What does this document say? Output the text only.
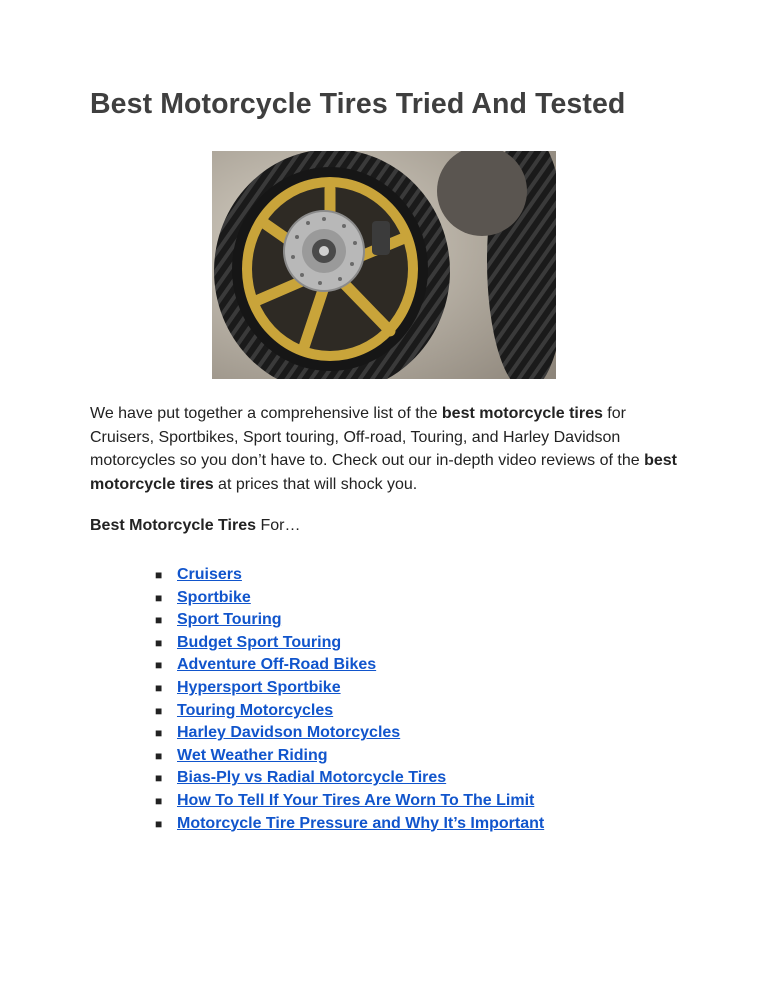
Best Motorcycle Tires Tried And Tested

We have put together a comprehensive list of the best motorcycle tires for Cruisers, Sportbikes, Sport touring, Off-road, Touring, and Harley Davidson motorcycles so you don’t have to. Check out our in-depth video reviews of the best motorcycle tires at prices that will shock you.

Best Motorcycle Tires For…

■ Cruisers
■ Sportbike
■ Sport Touring
■ Budget Sport Touring
■ Adventure Off-Road Bikes
■ Hypersport Sportbike
■ Touring Motorcycles
■ Harley Davidson Motorcycles
■ Wet Weather Riding
■ Bias-Ply vs Radial Motorcycle Tires
■ How To Tell If Your Tires Are Worn To The Limit
■ Motorcycle Tire Pressure and Why It’s Important
